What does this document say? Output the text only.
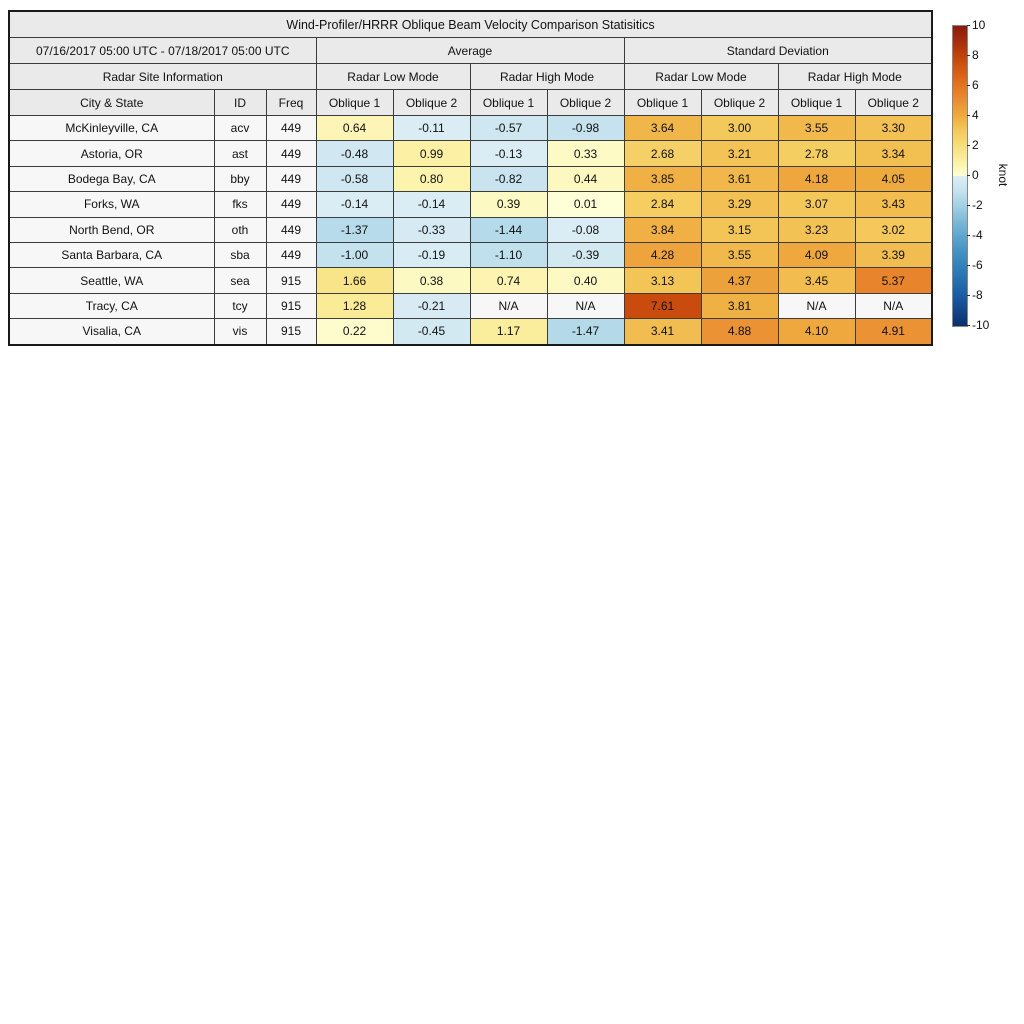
Wind-Profiler/HRRR Oblique Beam Velocity Comparison Statisitics										
07/16/2017 05:00 UTC - 07/18/2017 05:00 UTC			Average				Standard Deviation			
Radar Site Information			Radar Low Mode		Radar High Mode		Radar Low Mode		Radar High Mode	
City & State	ID	Freq	Oblique 1	Oblique 2	Oblique 1	Oblique 2	Oblique 1	Oblique 2	Oblique 1	Oblique 2
McKinleyville, CA	acv	449	0.64	-0.11	-0.57	-0.98	3.64	3.00	3.55	3.30
Astoria, OR	ast	449	-0.48	0.99	-0.13	0.33	2.68	3.21	2.78	3.34
Bodega Bay, CA	bby	449	-0.58	0.80	-0.82	0.44	3.85	3.61	4.18	4.05
Forks, WA	fks	449	-0.14	-0.14	0.39	0.01	2.84	3.29	3.07	3.43
North Bend, OR	oth	449	-1.37	-0.33	-1.44	-0.08	3.84	3.15	3.23	3.02
Santa Barbara, CA	sba	449	-1.00	-0.19	-1.10	-0.39	4.28	3.55	4.09	3.39
Seattle, WA	sea	915	1.66	0.38	0.74	0.40	3.13	4.37	3.45	5.37
Tracy, CA	tcy	915	1.28	-0.21	N/A	N/A	7.61	3.81	N/A	N/A
Visalia, CA	vis	915	0.22	-0.45	1.17	-1.47	3.41	4.88	4.10	4.91
10
8
6
4
2
0
-2
-4
-6
-8
-10
knot
